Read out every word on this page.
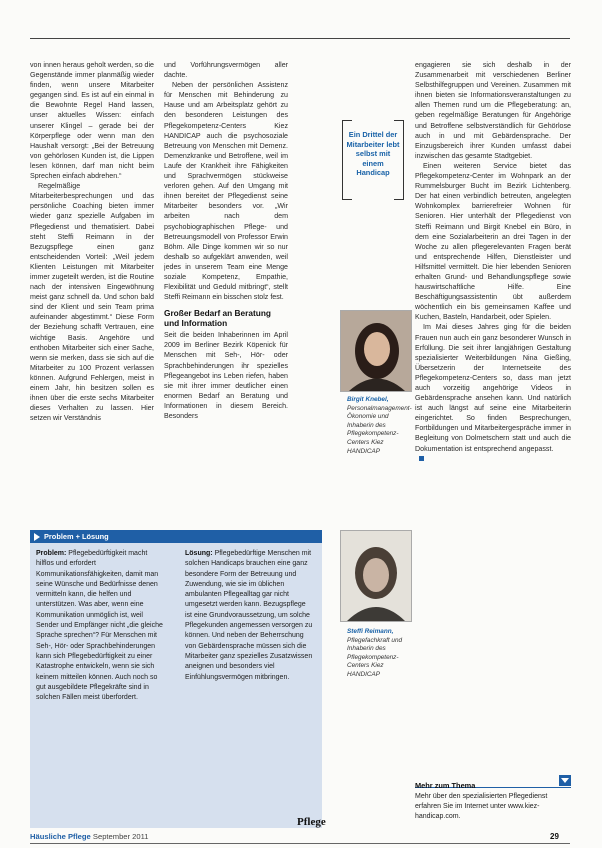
von innen heraus geholt werden, so die Gegenstände immer planmäßig wieder finden, wenn unsere Mitarbeiter gegangen sind. Es ist auf ein einmal in die Bewohnte Regel Hand lassen, unser aktuelles Wissen: einfach unserer Klingel – gerade bei der Körperpflege oder wenn man den Haushalt versorgt: „Bei der Betreuung von gehörlosen Kunden ist, die Lippen lesen können, darf man nicht beim Sprechen einfach abdrehen.“

Regelmäßige Mitarbeiterbesprechungen und das persönliche Coaching bieten immer wieder ganz spezielle Aufgaben im Pflegedienst und thematisiert. Dabei steht Steffi Reimann in der Bezugspflege einen ganz entscheidenden Vorteil: „Weil jedem Klienten Leistungen mit Mitarbeiter immer zugeteilt werden, ist die Routine nach der intensiven Eingewöhnung meist ganz schnell da. Und schon bald sind der Klient und sein Team prima aufeinander abgestimmt.“ Diese Form der Beziehung schafft Vertrauen, eine wichtige Basis. Angehöre und enthoben Mitarbeiter sich einer Sache, wenn sie merken, dass sie sich auf die Mitarbeiter zu 100 Prozent verlassen können. Aufgrund Fehlergen, meist in einem Jahr, hin besitzen sollen es ihnen über die erste sechs Mitarbeiter dieses Verhalten zu lassen. Hier setzen wir Verständnis

und Vorführungsvermögen aller dachte.

Neben der persönlichen Assistenz für Menschen mit Behinderung zu Hause und am Arbeitsplatz gehört zu den besonderen Leistungen des Pflegekompetenz-Centers Kiez HANDICAP auch die psychosoziale Betreuung von Menschen mit Demenz. Demenzkranke und Betroffene, weil im Laufe der Krankheit ihre Fähigkeiten und Sprachvermögen stückweise verloren gehen. Auf den Umgang mit ihnen bereitet der Pflegedienst seine Mitarbeiter besonders vor. „Wir arbeiten nach dem psychobiographischen Pflege- und Betreuungsmodell von Professor Erwin Böhm. Alle Dinge kommen wir so nur deshalb so aufgeklärt anwenden, weil jedes in unserem Team eine Menge soziale Kompetenz, Empathie, Flexibilität und Geduld mitbringt“, stellt Steffi Reimann ein bisschen stolz fest.

Großer Bedarf an Beratung und Information

Seit die beiden Inhaberinnen im April 2009 im Berliner Bezirk Köpenick für Menschen mit Seh-, Hör- oder Sprachbehinderungen ihr spezielles Pflegeangebot ins Leben riefen, haben sie mit ihrer immer deutlicher einen enormen Bedarf an Beratung und Informationen in diesem Bereich. Besonders

Ein Drittel der Mitarbeiter lebt selbst mit einem Handicap
Birgit Knebel,
Personalmanagement-Ökonomie und Inhaberin des Pflegekompetenz-Centers Kiez HANDICAP
Steffi Reimann,
Pflegefachkraft und Inhaberin des Pflegekompetenz-Centers Kiez HANDICAP

engagieren sie sich deshalb in der Zusammenarbeit mit verschiedenen Berliner Selbsthilfegruppen und Vereinen. Zusammen mit ihnen bieten sie Informationsveranstaltungen zu allen Themen rund um die Pflegeberatung: an, geben regelmäßige Beratungen für Angehörige und Betroffene selbstverständlich für Gehörlose auch in und mit Gebärdensprache. Der Einzugsbereich ihrer Kunden umfasst dabei inzwischen das gesamte Stadtgebiet.

Einen weiteren Service bietet das Pflegekompetenz-Center im Wohnpark an der Rummelsburger Bucht im Bezirk Lichtenberg. Der hat einen verbindlich betreuten, angelegten Wohnkomplex barrierefreier Wohnen für Senioren. Hier unterhält der Pflegedienst von Steffi Reimann und Birgit Knebel ein Büro, in dem eine Sozialarbeiterin an drei Tagen in der Woche zu allen pflegerelevanten Fragen berät und entsprechende Hilfen, Dienstleister und Hilfsmittel vermittelt. Die hier lebenden Senioren erhalten Grund- und Behandlungspflege sowie hauswirtschaftliche Hilfe. Eine Beschäftigungsassistentin übt außerdem wöchentlich ein bis gemeinsamen Kaffee und Kuchen, Basteln, Handarbeit, oder Spielen.

Im Mai dieses Jahres ging für die beiden Frauen nun auch ein ganz besonderer Wunsch in Erfüllung. Die seit ihrer langjährigen Gestaltung spezialisierter Weiterbildungen Nina Gießing, Übersetzerin der Internetseite des Pflegekompetenz-Centers so, dass man jetzt auch vorzeitig angehörige Videos in Gebärdensprache ansehen kann. Und natürlich ist auch längst auf seine eine Mitarbeiterin eingerichtet. So finden Besprechungen, Fortbildungen und Mitarbeitergespräche immer in Begleitung von Dolmetschern statt und auch die Dokumentation ist entsprechend angepasst.

Problem + Lösung
Problem: Pflegebedürftigkeit macht hilflos und erfordert Kommunikationsfähigkeiten, damit man seine Wünsche und Bedürfnisse denen vermitteln kann, die helfen und unterstützen. Was aber, wenn eine Kommunikation unmöglich ist, weil Sender und Empfänger nicht „die gleiche Sprache sprechen“? Für Menschen mit Seh-, Hör- oder Sprachbehinderungen kann sich Pflegebedürftigkeit zu einer Katastrophe entwickeln, wenn sie sich keinem mitteilen können. Auch noch so gut ausgebildete Pflegekräfte sind in solchen Fällen meist überfordert.
Lösung: Pflegebedürftige Menschen mit solchen Handicaps brauchen eine ganz besondere Form der Betreuung und Zuwendung, wie sie im üblichen ambulanten Pflegealltag gar nicht umgesetzt werden kann. Bezugspflege ist eine Grundvoraussetzung, um solche Pflegekunden angemessen versorgen zu können. Und neben der Beherrschung von Gebärdensprache müssen sich die Mitarbeiter ganz spezielles Zusatzwissen aneignen und besonders viel Einfühlungsvermögen mitbringen.
Mehr zum Thema
Mehr über den spezialisierten Pflegedienst erfahren Sie im Internet unter www.kiez-handicap.com.
Pflege
Häusliche Pflege September 2011	29
